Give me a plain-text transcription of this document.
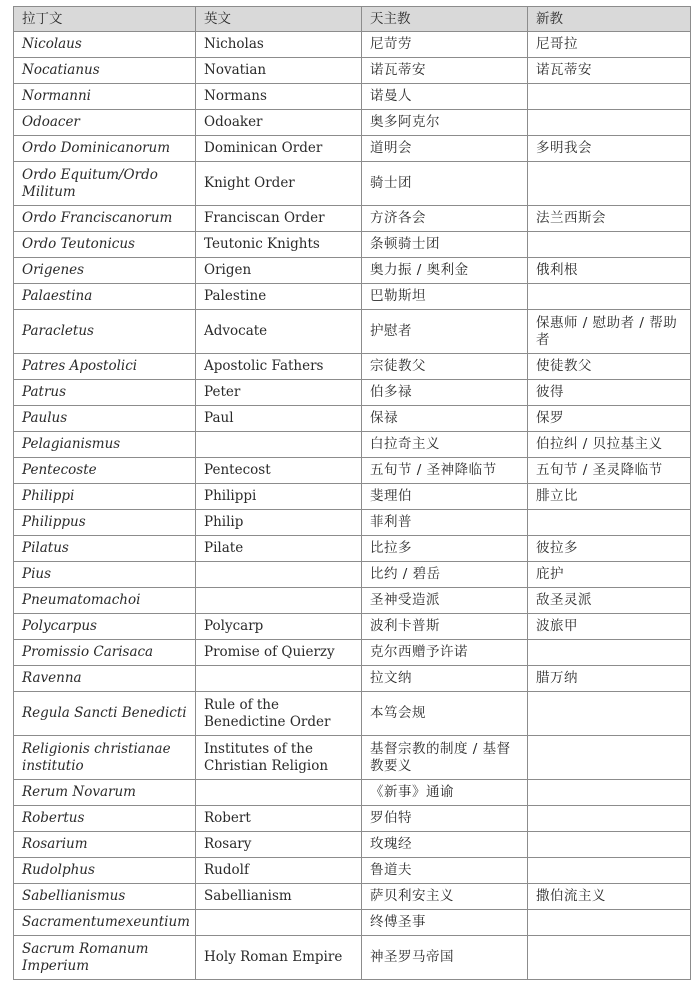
拉丁文	英文	天主教	新教
Nicolaus	Nicholas	尼苛劳	尼哥拉
Nocatianus	Novatian	诺瓦蒂安	诺瓦蒂安
Normanni	Normans	诺曼人	
Odoacer	Odoaker	奥多阿克尔	
Ordo Dominicanorum	Dominican Order	道明会	多明我会
Ordo Equitum/Ordo Militum	Knight Order	骑士团	
Ordo Franciscanorum	Franciscan Order	方济各会	法兰西斯会
Ordo Teutonicus	Teutonic Knights	条顿骑士团	
Origenes	Origen	奥力振 / 奥利金	俄利根
Palaestina	Palestine	巴勒斯坦	
Paracletus	Advocate	护慰者	保惠师 / 慰助者 / 帮助者
Patres Apostolici	Apostolic Fathers	宗徒教父	使徒教父
Patrus	Peter	伯多禄	彼得
Paulus	Paul	保禄	保罗
Pelagianismus		白拉奇主义	伯拉纠 / 贝拉基主义
Pentecoste	Pentecost	五旬节 / 圣神降临节	五旬节 / 圣灵降临节
Philippi	Philippi	斐理伯	腓立比
Philippus	Philip	菲利普	
Pilatus	Pilate	比拉多	彼拉多
Pius		比约 / 碧岳	庇护
Pneumatomachoi		圣神受造派	敌圣灵派
Polycarpus	Polycarp	波利卡普斯	波旅甲
Promissio Carisaca	Promise of Quierzy	克尔西赠予许诺	
Ravenna		拉文纳	腊万纳
Regula Sancti Benedicti	Rule of the Benedictine Order	本笃会规	
Religionis christianae institutio	Institutes of the Christian Religion	基督宗教的制度 / 基督教要义	
Rerum Novarum		《新事》通谕	
Robertus	Robert	罗伯特	
Rosarium	Rosary	玫瑰经	
Rudolphus	Rudolf	鲁道夫	
Sabellianismus	Sabellianism	萨贝利安主义	撒伯流主义
Sacramentumexeuntium		终傅圣事	
Sacrum Romanum Imperium	Holy Roman Empire	神圣罗马帝国	
